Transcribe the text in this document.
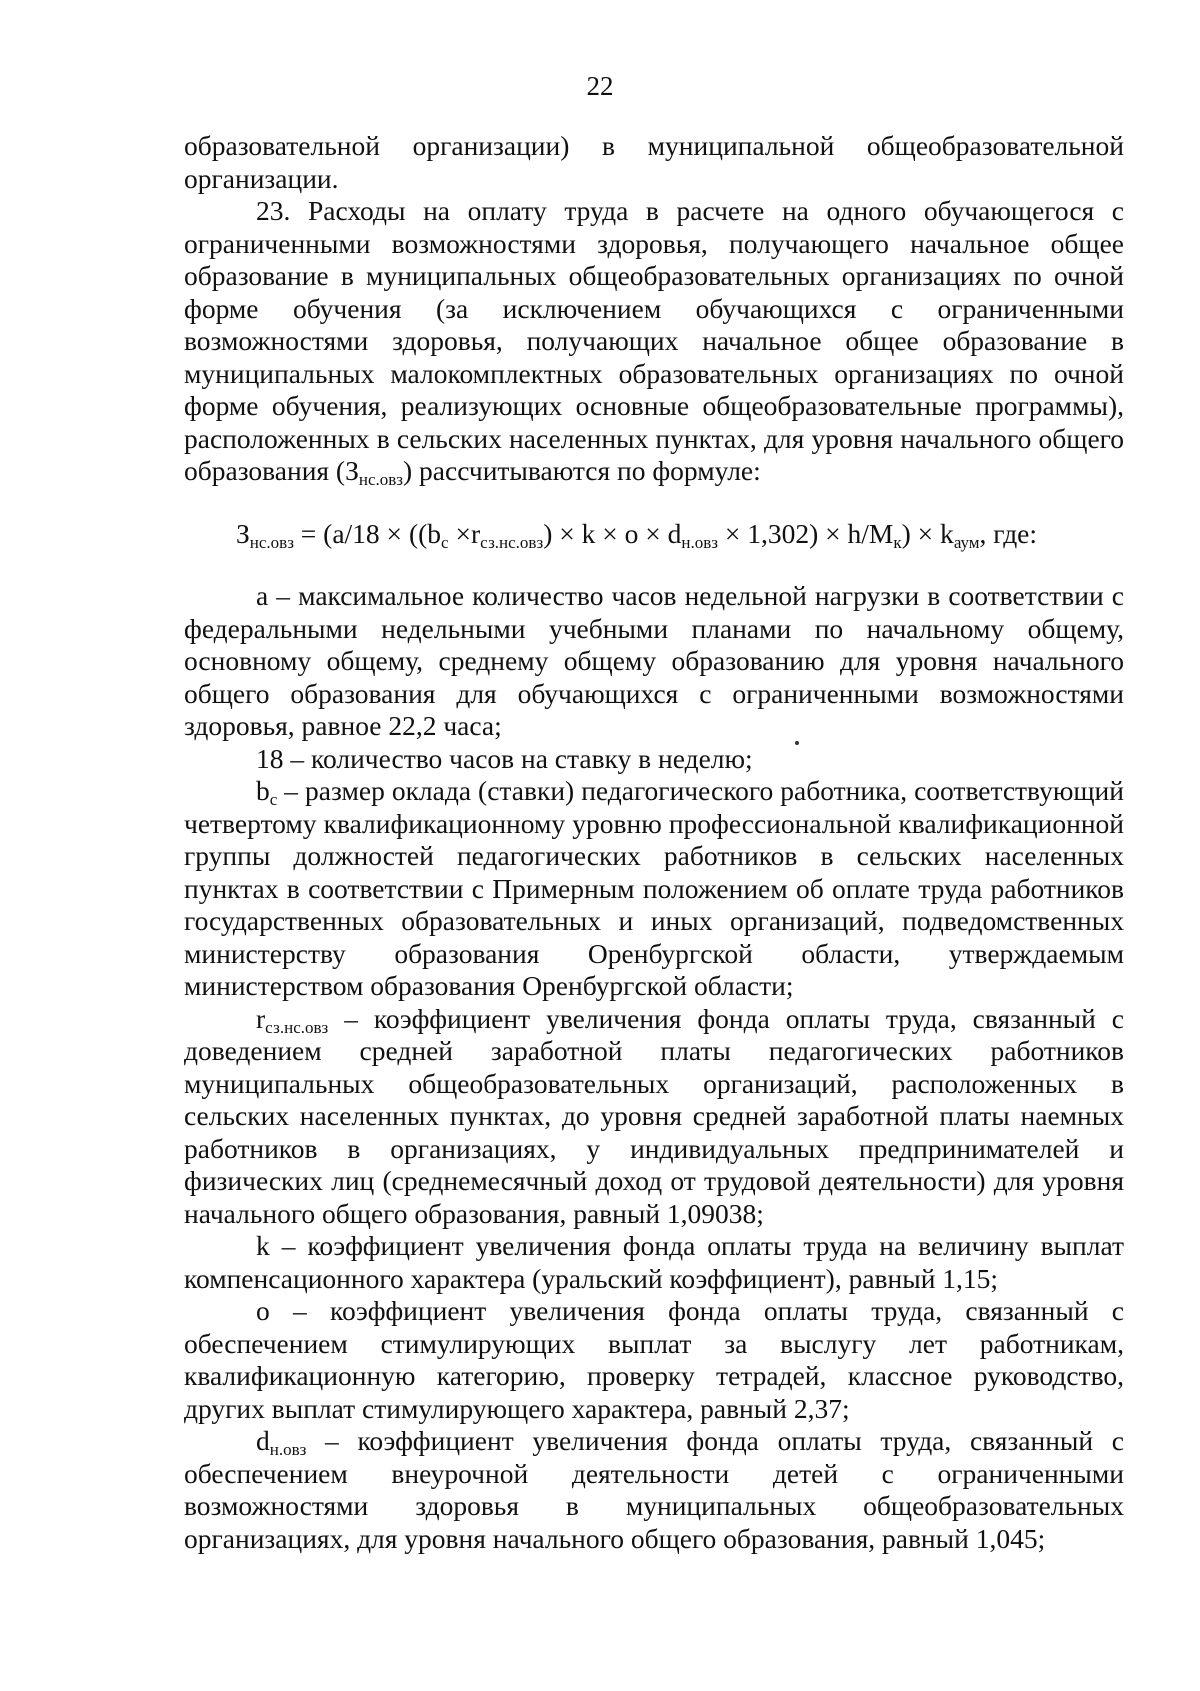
22

образовательной организации) в муниципальной общеобразовательной организации.

23. Расходы на оплату труда в расчете на одного обучающегося с ограниченными возможностями здоровья, получающего начальное общее образование в муниципальных общеобразовательных организациях по очной форме обучения (за исключением обучающихся с ограниченными возможностями здоровья, получающих начальное общее образование в муниципальных малокомплектных образовательных организациях по очной форме обучения, реализующих основные общеобразовательные программы), расположенных в сельских населенных пунктах, для уровня начального общего образования $(З_{нс.овз})$ рассчитываются по формуле:

$З_{нс.овз} = (a/18 \times ((b_с \times r_{сз.нс.овз}) \times k \times o \times d_{н.овз} \times 1,302) \times h/M_к) \times k_{аум}$, где:

a – максимальное количество часов недельной нагрузки в соответствии с федеральными недельными учебными планами по начальному общему, основному общему, среднему общему образованию для уровня начального общего образования для обучающихся с ограниченными возможностями здоровья, равное 22,2 часа;

18 – количество часов на ставку в неделю;

$b_с$ – размер оклада (ставки) педагогического работника, соответствующий четвертому квалификационному уровню профессиональной квалификационной группы должностей педагогических работников в сельских населенных пунктах в соответствии с Примерным положением об оплате труда работников государственных образовательных и иных организаций, подведомственных министерству образования Оренбургской области, утверждаемым министерством образования Оренбургской области;

$r_{сз.нс.овз}$ – коэффициент увеличения фонда оплаты труда, связанный с доведением средней заработной платы педагогических работников муниципальных общеобразовательных организаций, расположенных в сельских населенных пунктах, до уровня средней заработной платы наемных работников в организациях, у индивидуальных предпринимателей и физических лиц (среднемесячный доход от трудовой деятельности) для уровня начального общего образования, равный 1,09038;

k – коэффициент увеличения фонда оплаты труда на величину выплат компенсационного характера (уральский коэффициент), равный 1,15;

o – коэффициент увеличения фонда оплаты труда, связанный с обеспечением стимулирующих выплат за выслугу лет работникам, квалификационную категорию, проверку тетрадей, классное руководство, других выплат стимулирующего характера, равный 2,37;

$d_{н.овз}$ – коэффициент увеличения фонда оплаты труда, связанный с обеспечением внеурочной деятельности детей с ограниченными возможностями здоровья в муниципальных общеобразовательных организациях, для уровня начального общего образования, равный 1,045;
